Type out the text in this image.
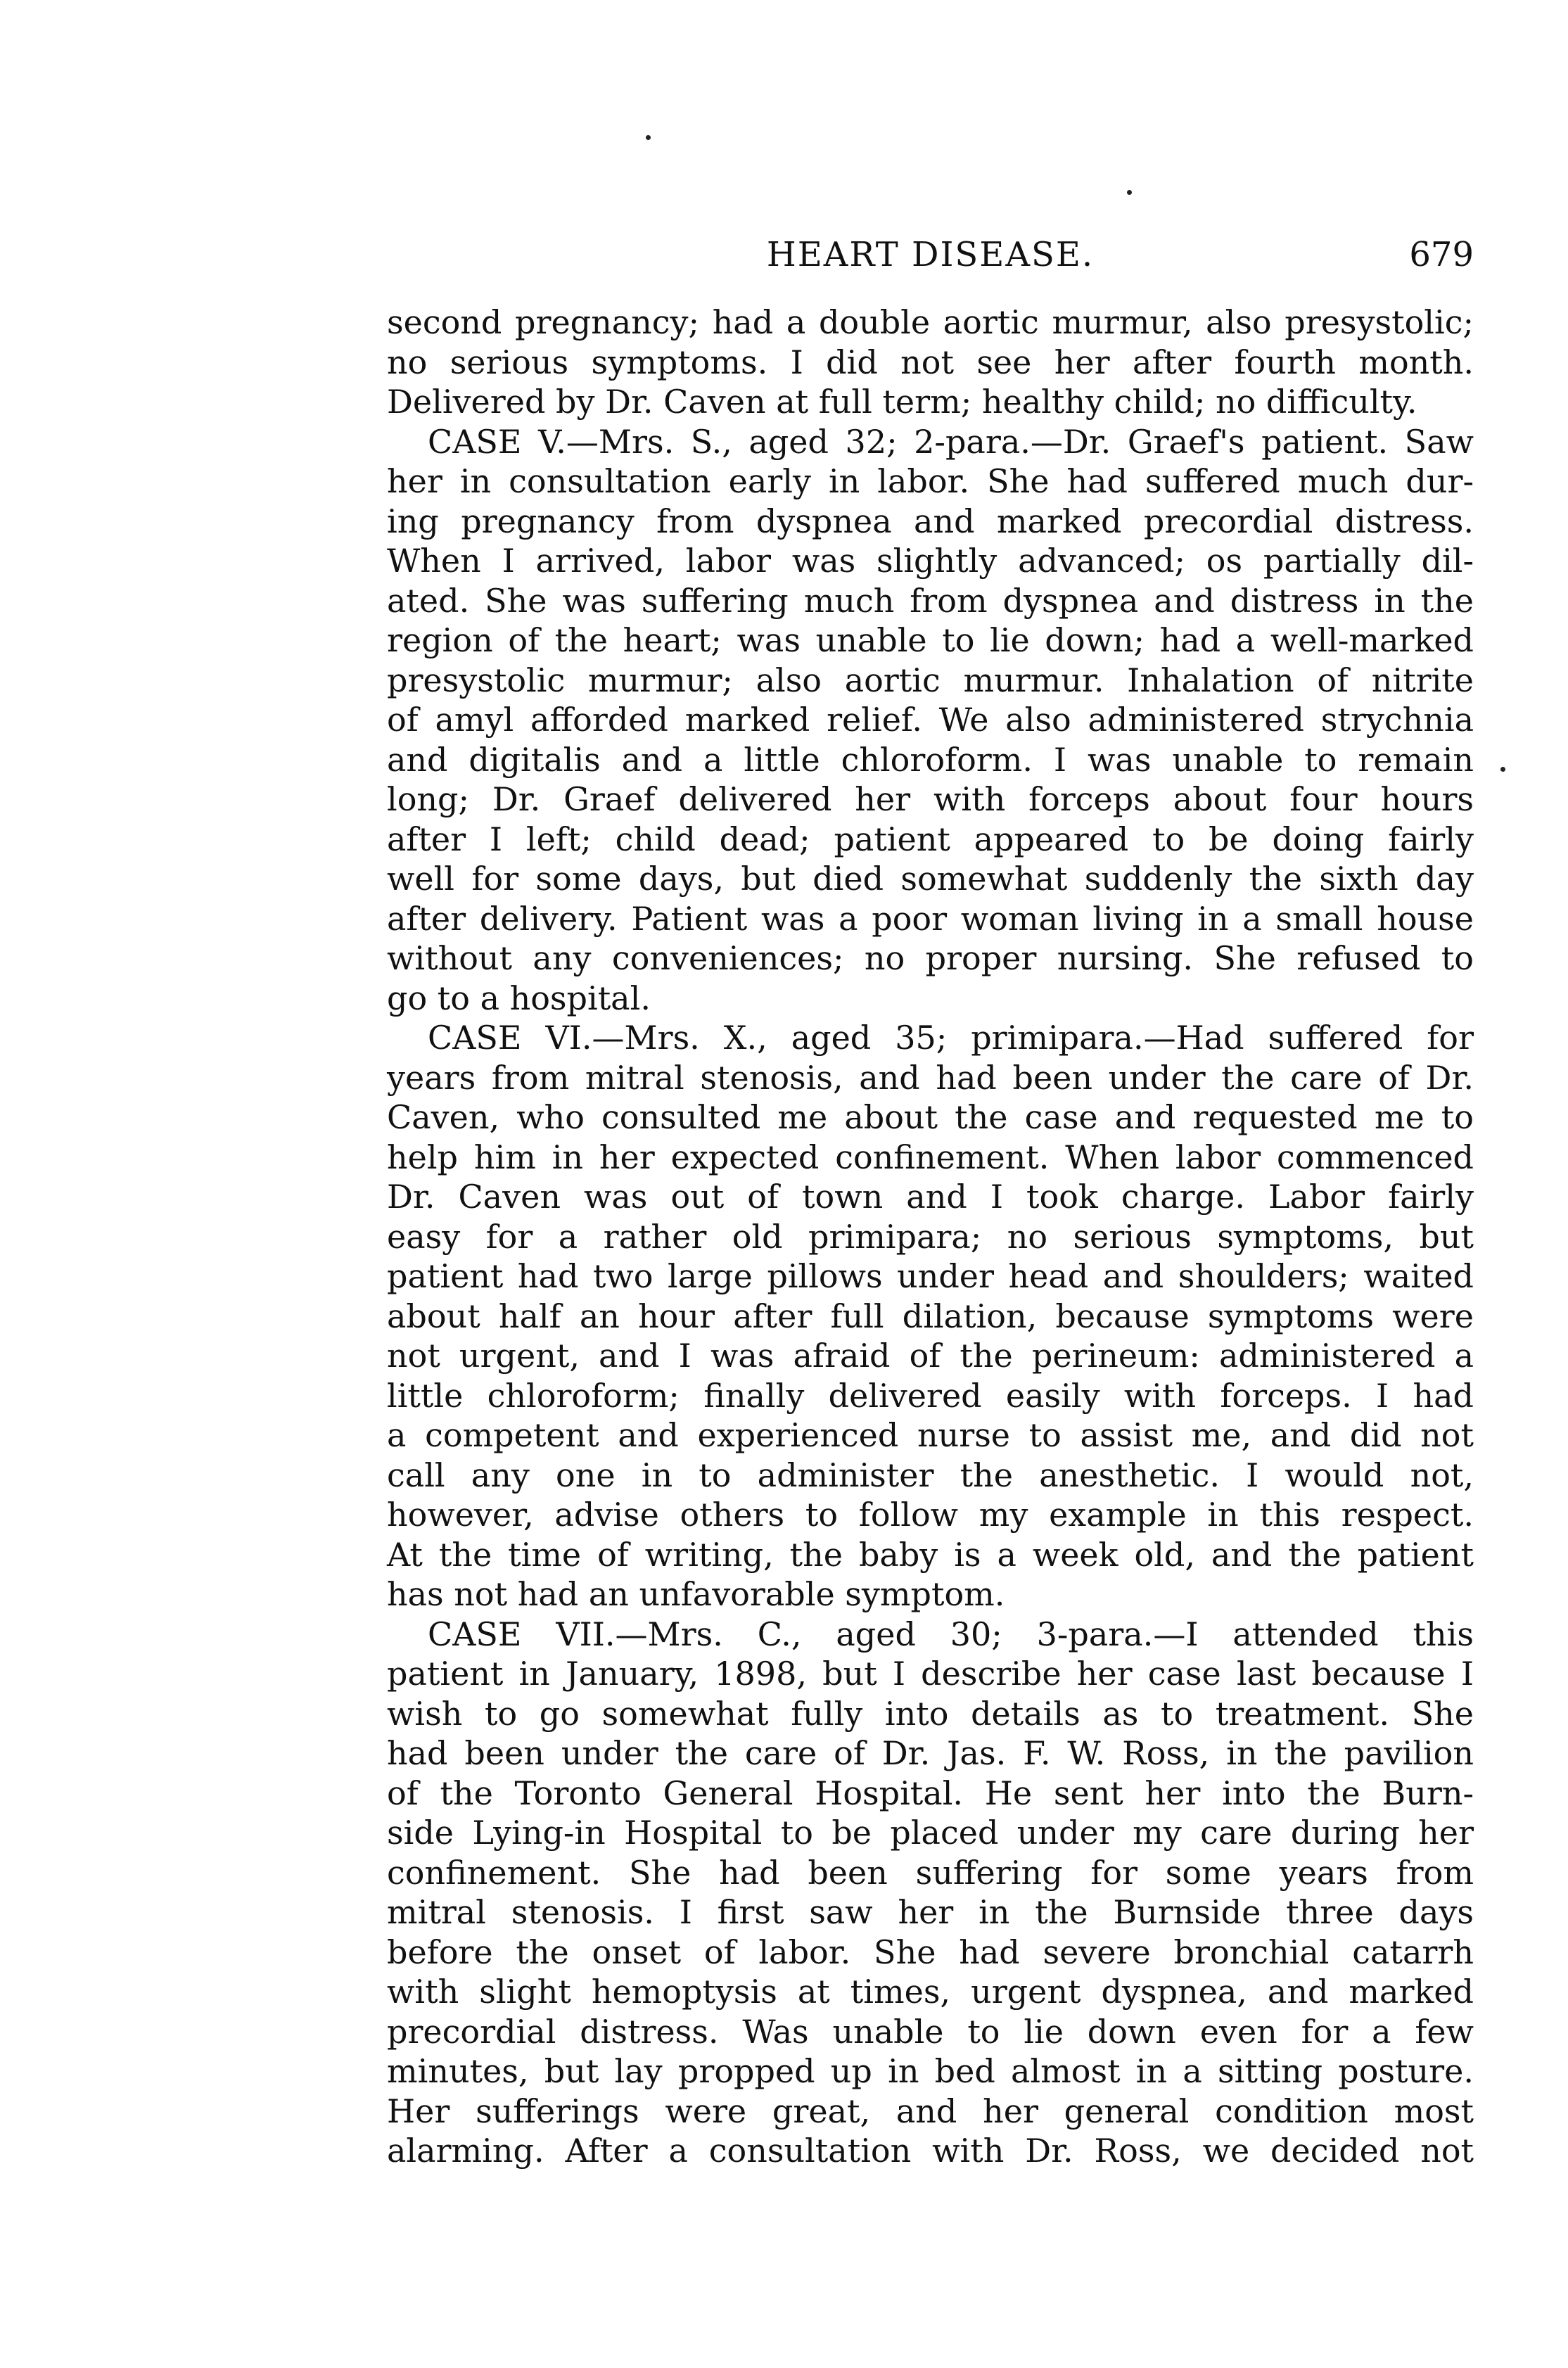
HEART DISEASE.	679
second pregnancy; had a double aortic murmur, also presystolic;
no serious symptoms. I did not see her after fourth month.
Delivered by Dr. Caven at full term; healthy child; no difficulty.
CASE V.—Mrs. S., aged 32; 2-para.—Dr. Graef's patient. Saw
her in consultation early in labor. She had suffered much dur-
ing pregnancy from dyspnea and marked precordial distress.
When I arrived, labor was slightly advanced; os partially dil-
ated. She was suffering much from dyspnea and distress in the
region of the heart; was unable to lie down; had a well-marked
presystolic murmur; also aortic murmur. Inhalation of nitrite
of amyl afforded marked relief. We also administered strychnia
and digitalis and a little chloroform. I was unable to remain
long; Dr. Graef delivered her with forceps about four hours
after I left; child dead; patient appeared to be doing fairly
well for some days, but died somewhat suddenly the sixth day
after delivery. Patient was a poor woman living in a small house
without any conveniences; no proper nursing. She refused to
go to a hospital.
CASE VI.—Mrs. X., aged 35; primipara.—Had suffered for
years from mitral stenosis, and had been under the care of Dr.
Caven, who consulted me about the case and requested me to
help him in her expected confinement. When labor commenced
Dr. Caven was out of town and I took charge. Labor fairly
easy for a rather old primipara; no serious symptoms, but
patient had two large pillows under head and shoulders; waited
about half an hour after full dilation, because symptoms were
not urgent, and I was afraid of the perineum: administered a
little chloroform; finally delivered easily with forceps. I had
a competent and experienced nurse to assist me, and did not
call any one in to administer the anesthetic. I would not,
however, advise others to follow my example in this respect.
At the time of writing, the baby is a week old, and the patient
has not had an unfavorable symptom.
CASE VII.—Mrs. C., aged 30; 3-para.—I attended this
patient in January, 1898, but I describe her case last because I
wish to go somewhat fully into details as to treatment. She
had been under the care of Dr. Jas. F. W. Ross, in the pavilion
of the Toronto General Hospital. He sent her into the Burn-
side Lying-in Hospital to be placed under my care during her
confinement. She had been suffering for some years from
mitral stenosis. I first saw her in the Burnside three days
before the onset of labor. She had severe bronchial catarrh
with slight hemoptysis at times, urgent dyspnea, and marked
precordial distress. Was unable to lie down even for a few
minutes, but lay propped up in bed almost in a sitting posture.
Her sufferings were great, and her general condition most
alarming. After a consultation with Dr. Ross, we decided not
